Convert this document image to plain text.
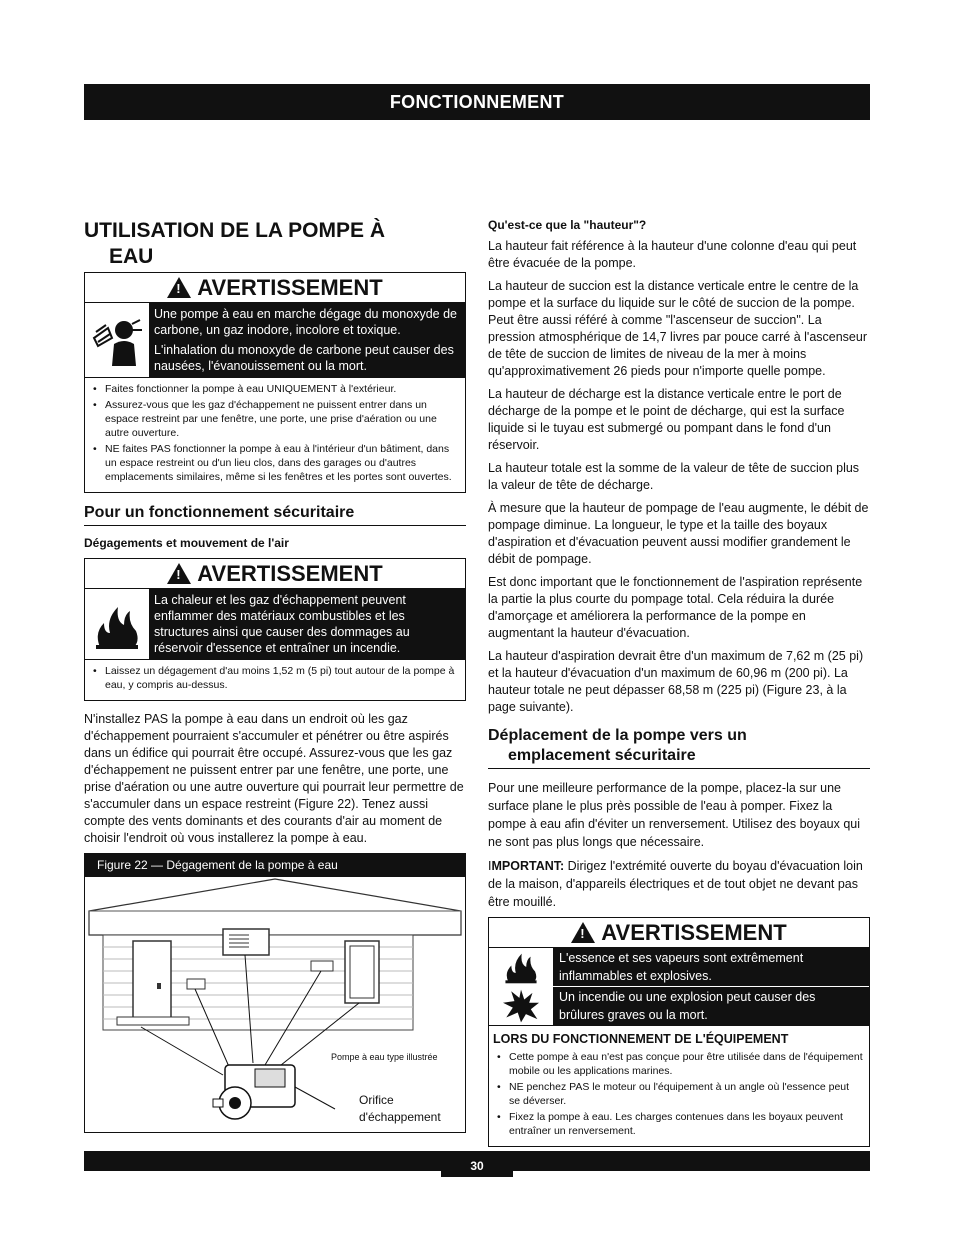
FONCTIONNEMENT
UTILISATION DE LA POMPE À
EAU
!
AVERTISSEMENT

Une pompe à eau en marche dégage du monoxyde de carbone, un gaz inodore, incolore et toxique.

L'inhalation du monoxyde de carbone peut causer des nausées, l'évanouissement ou la mort.

• Faites fonctionner la pompe à eau UNIQUEMENT à l'extérieur.
• Assurez-vous que les gaz d'échappement ne puissent entrer dans un espace restreint par une fenêtre, une porte, une prise d'aération ou une autre ouverture.
• NE faites PAS fonctionner la pompe à eau à l'intérieur d'un bâtiment, dans un espace restreint ou d'un lieu clos, dans des garages ou d'autres emplacements similaires, même si les fenêtres et les portes sont ouvertes.
Pour un fonctionnement sécuritaire
Dégagements et mouvement de l'air
!
AVERTISSEMENT
La chaleur et les gaz d'échappement peuvent enflammer des matériaux combustibles et les structures ainsi que causer des dommages au réservoir d'essence et entraîner un incendie.
• Laissez un dégagement d'au moins 1,52 m (5 pi) tout autour de la pompe à eau, y compris au-dessus.

N'installez PAS la pompe à eau dans un endroit où les gaz d'échappement pourraient s'accumuler et pénétrer ou être aspirés dans un édifice qui pourrait être occupé. Assurez-vous que les gaz d'échappement ne puissent entrer par une fenêtre, une porte, une prise d'aération ou une autre ouverture qui pourrait leur permettre de s'accumuler dans un espace restreint (Figure 22). Tenez aussi compte des vents dominants et des courants d'air au moment de choisir l'endroit où vous installerez la pompe à eau.

Figure 22 — Dégagement de la pompe à eau
Pompe à eau type illustrée
Orifice
d'échappement
Qu'est-ce que la "hauteur"?

La hauteur fait référence à la hauteur d'une colonne d'eau qui peut être évacuée de la pompe.

La hauteur de succion est la distance verticale entre le centre de la pompe et la surface du liquide sur le côté de succion de la pompe. Peut être aussi référé à comme "l'ascenseur de succion". La pression atmosphérique de 14,7 livres par pouce carré à l'ascenseur de tête de succion de limites de niveau de la mer à moins qu'approximativement 26 pieds pour n'importe quelle pompe.

La hauteur de décharge est la distance verticale entre le port de décharge de la pompe et le point de décharge, qui est la surface liquide si le tuyau est submergé ou pompant dans le fond d'un réservoir.

La hauteur totale est la somme de la valeur de tête de succion plus la valeur de tête de décharge.

À mesure que la hauteur de pompage de l'eau augmente, le débit de pompage diminue. La longueur, le type et la taille des boyaux d'aspiration et d'évacuation peuvent aussi modifier grandement le débit de pompage.

Est donc important que le fonctionnement de l'aspiration représente la partie la plus courte du pompage total. Cela réduira la durée d'amorçage et améliorera la performance de la pompe en augmentant la hauteur d'évacuation.

La hauteur d'aspiration devrait être d'un maximum de 7,62 m (25 pi) et la hauteur d'évacuation d'un maximum de 60,96 m (200 pi). La hauteur totale ne peut dépasser 68,58 m (225 pi) (Figure 23, à la page suivante).

Déplacement de la pompe vers un
emplacement sécuritaire

Pour une meilleure performance de la pompe, placez-la sur une surface plane le plus près possible de l'eau à pomper. Fixez la pompe à eau afin d'éviter un renversement. Utilisez des boyaux qui ne sont pas plus longs que nécessaire.

IMPORTANT: Dirigez l'extrémité ouverte du boyau d'évacuation loin de la maison, d'appareils électriques et de tout objet ne devant pas être mouillé.

!
AVERTISSEMENT
L'essence et ses vapeurs sont extrêmement inflammables et explosives.
Un incendie ou une explosion peut causer des brûlures graves ou la mort.
LORS DU FONCTIONNEMENT DE L'ÉQUIPEMENT
• Cette pompe à eau n'est pas conçue pour être utilisée dans de l'équipement mobile ou les applications marines.
• NE penchez PAS le moteur ou l'équipement à un angle où l'essence peut se déverser.
• Fixez la pompe à eau. Les charges contenues dans les boyaux peuvent entraîner un renversement.
30
